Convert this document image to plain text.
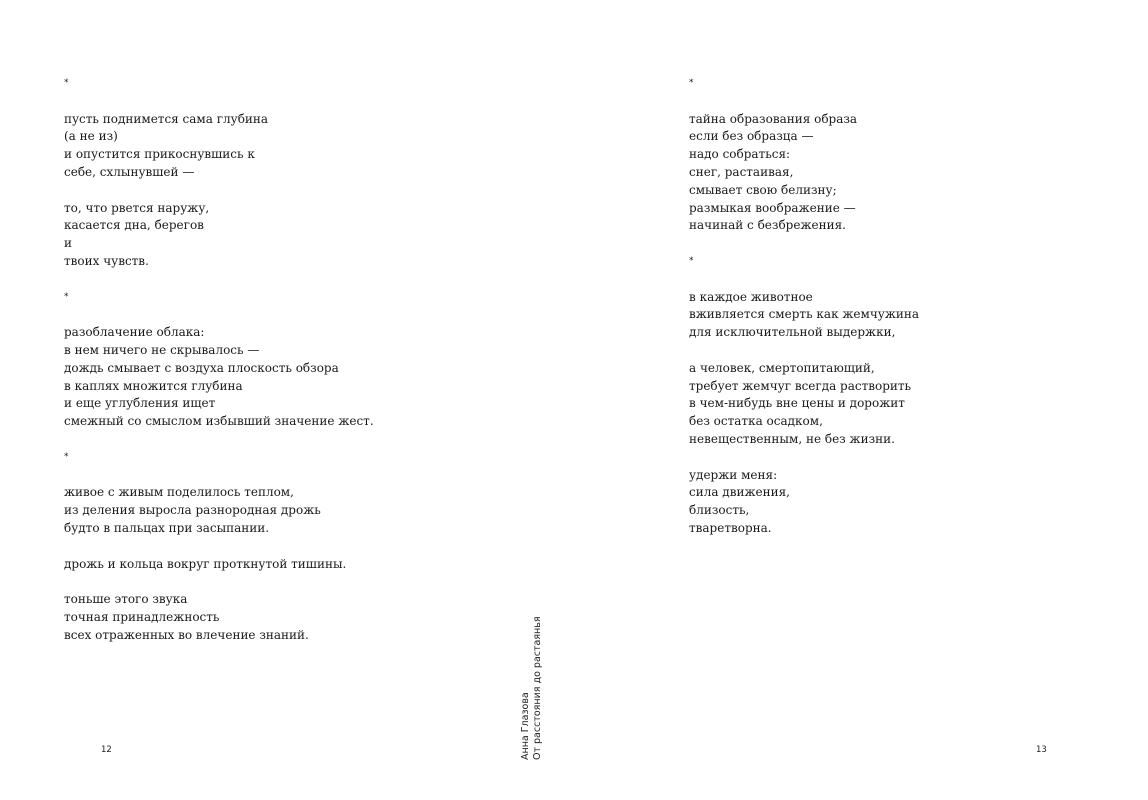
*
пусть поднимется сама глубина
(а не из)
и опустится прикоснувшись к
себе, схлынувшей —
то, что рвется наружу,
касается дна, берегов
и
твоих чувств.
*
разоблачение облака:
в нем ничего не скрывалось —
дождь смывает с воздуха плоскость обзора
в каплях множится глубина
и еще углубления ищет
смежный со смыслом избывший значение жест.
*
живое с живым поделилось теплом,
из деления выросла разнородная дрожь
будто в пальцах при засыпании.
дрожь и кольца вокруг проткнутой тишины.
тоньше этого звука
точная принадлежность
всех отраженных во влечение знаний.
12	Анна Глазова От расстояния до растаянья
*
тайна образования образа
если без образца —
надо собраться:
снег, растаивая,
смывает свою белизну;
размыкая воображение —
начинай с безбрежения.
*
в каждое животное
вживляется смерть как жемчужина
для исключительной выдержки,
а человек, смертопитающий,
требует жемчуг всегда растворить
в чем-нибудь вне цены и дорожит
без остатка осадком,
невещественным, не без жизни.
удержи меня:
сила движения,
близость,
тваретворна.
13
